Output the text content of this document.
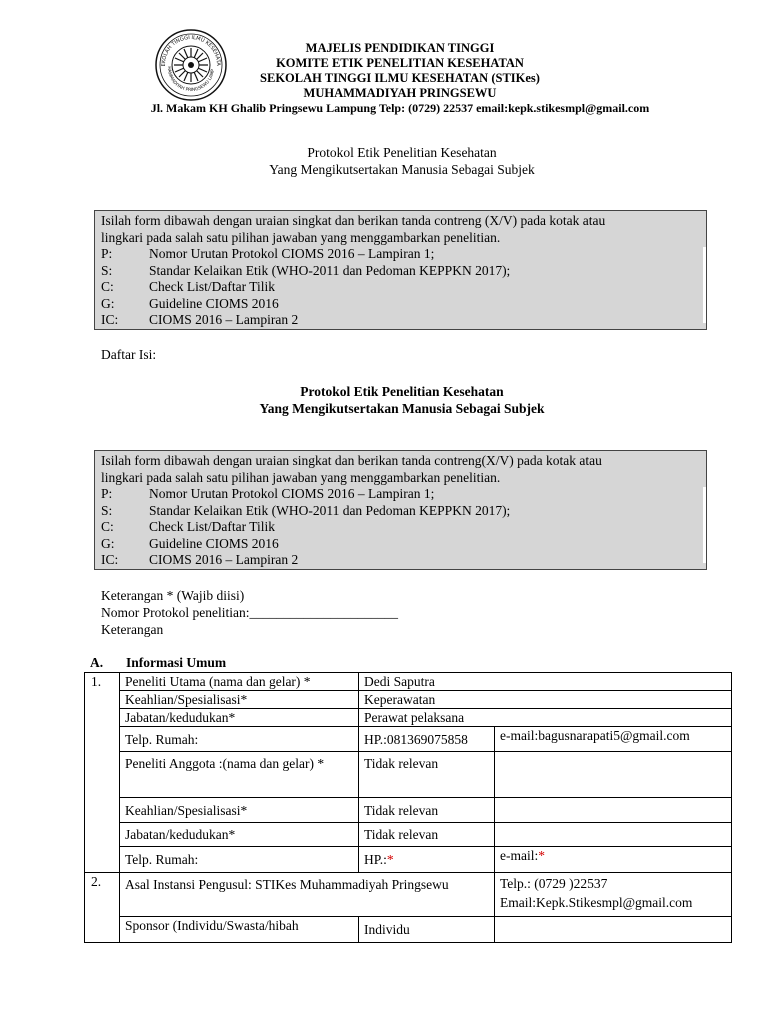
EKOLAH TINGGI ILMU KESEHATA
HAMMADIYAH PRINGSEWU LAMP
MAJELIS PENDIDIKAN TINGGI
KOMITE ETIK PENELITIAN KESEHATAN
SEKOLAH TINGGI ILMU KESEHATAN (STIKes)
MUHAMMADIYAH PRINGSEWU
Jl. Makam KH Ghalib Pringsewu Lampung Telp: (0729) 22537 email:kepk.stikesmpl@gmail.com
Protokol Etik Penelitian Kesehatan
Yang Mengikutsertakan Manusia Sebagai Subjek
Isilah form dibawah dengan uraian singkat dan berikan tanda contreng (X/V) pada kotak atau
lingkari pada salah satu pilihan jawaban yang menggambarkan penelitian.
P:	Nomor Urutan Protokol CIOMS 2016 – Lampiran 1;
S:	Standar Kelaikan Etik (WHO-2011 dan Pedoman KEPPKN 2017);
C:	Check List/Daftar Tilik
G:	Guideline CIOMS 2016
IC:	CIOMS 2016 – Lampiran 2
Daftar Isi:
Protokol Etik Penelitian Kesehatan
Yang Mengikutsertakan Manusia Sebagai Subjek
Isilah form dibawah dengan uraian singkat dan berikan tanda contreng(X/V) pada kotak atau
lingkari pada salah satu pilihan jawaban yang menggambarkan penelitian.
P:	Nomor Urutan Protokol CIOMS 2016 – Lampiran 1;
S:	Standar Kelaikan Etik (WHO-2011 dan Pedoman KEPPKN 2017);
C:	Check List/Daftar Tilik
G:	Guideline CIOMS 2016
IC:	CIOMS 2016 – Lampiran 2
Keterangan * (Wajib diisi)
Nomor Protokol penelitian:______________________
Keterangan
A. Informasi Umum
1.	Peneliti Utama (nama dan gelar) *	Dedi Saputra	
	Keahlian/Spesialisasi*	Keperawatan	
	Jabatan/kedudukan*	Perawat pelaksana	
	Telp. Rumah:	HP.:081369075858	e-mail:bagusnarapati5@gmail.com
	Peneliti Anggota :(nama dan gelar) *	Tidak relevan	
	Keahlian/Spesialisasi*	Tidak relevan	
	Jabatan/kedudukan*	Tidak relevan	
	Telp. Rumah:	HP.:*	e-mail:*
2.	Asal Instansi Pengusul: STIKes Muhammadiyah Pringsewu		Telp.: (0729 )22537
Email:Kepk.Stikesmpl@gmail.com

	Sponsor (Individu/Swasta/hibah	Individu	
